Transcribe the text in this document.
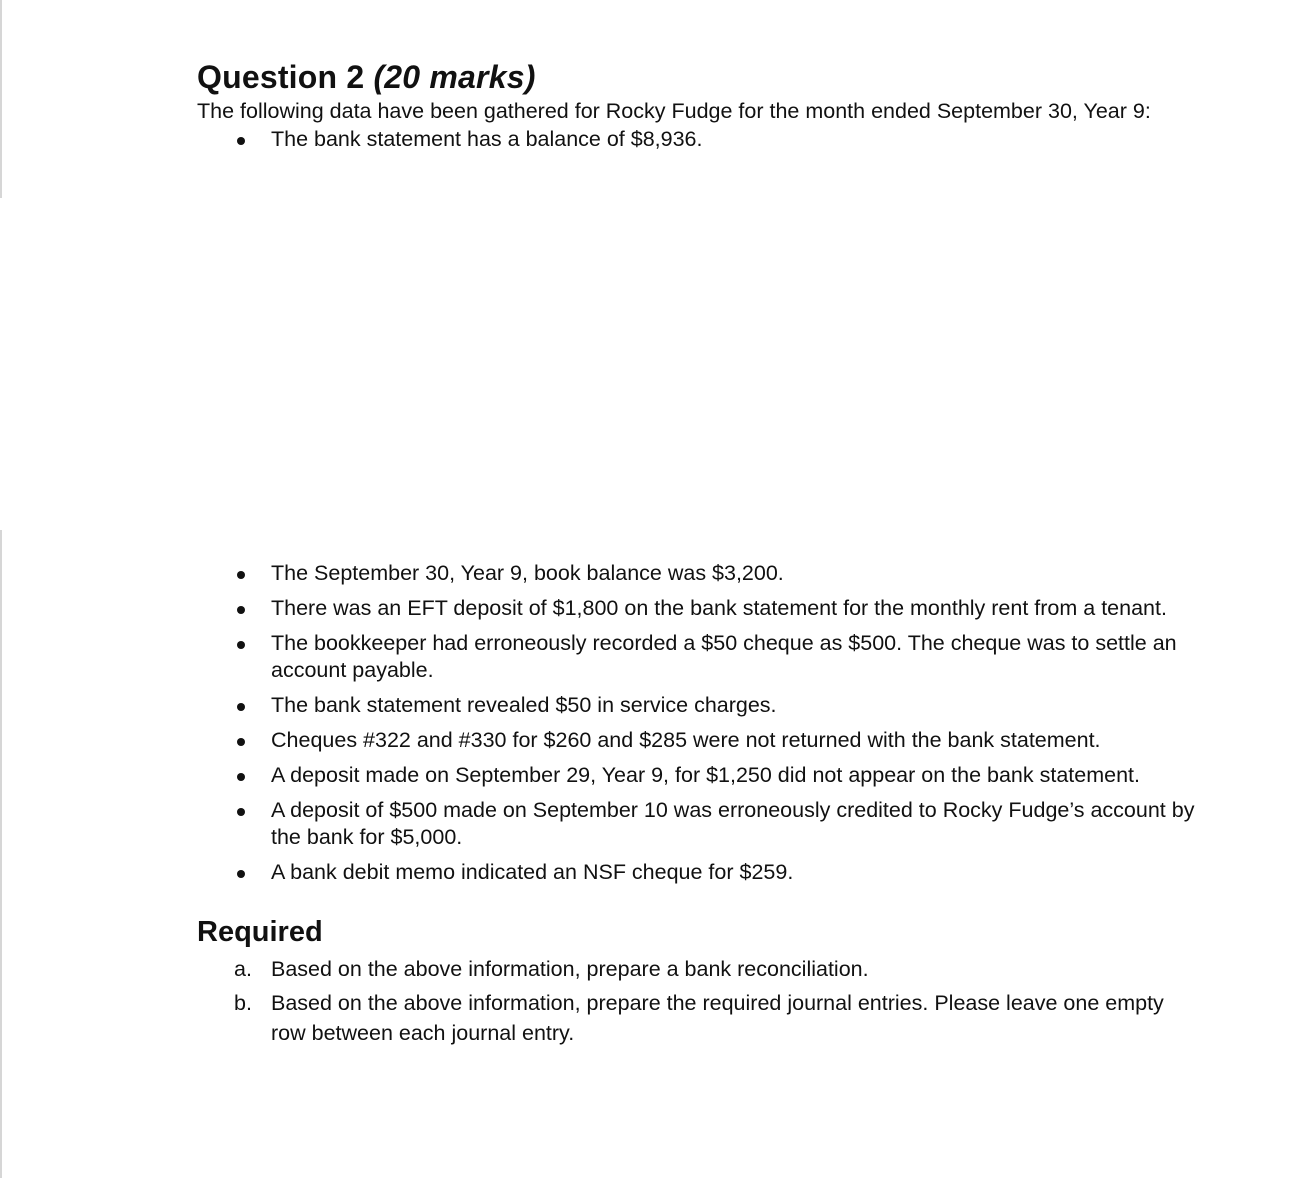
Question 2 (20 marks)

The following data have been gathered for Rocky Fudge for the month ended September 30, Year 9:

The bank statement has a balance of $8,936.
The September 30, Year 9, book balance was $3,200.
There was an EFT deposit of $1,800 on the bank statement for the monthly rent from a tenant.
The bookkeeper had erroneously recorded a $50 cheque as $500. The cheque was to settle an account payable.
The bank statement revealed $50 in service charges.
Cheques #322 and #330 for $260 and $285 were not returned with the bank statement.
A deposit made on September 29, Year 9, for $1,250 did not appear on the bank statement.
A deposit of $500 made on September 10 was erroneously credited to Rocky Fudge’s account by the bank for $5,000.
A bank debit memo indicated an NSF cheque for $259.
Required
a. Based on the above information, prepare a bank reconciliation.
b. Based on the above information, prepare the required journal entries. Please leave one empty row between each journal entry.
